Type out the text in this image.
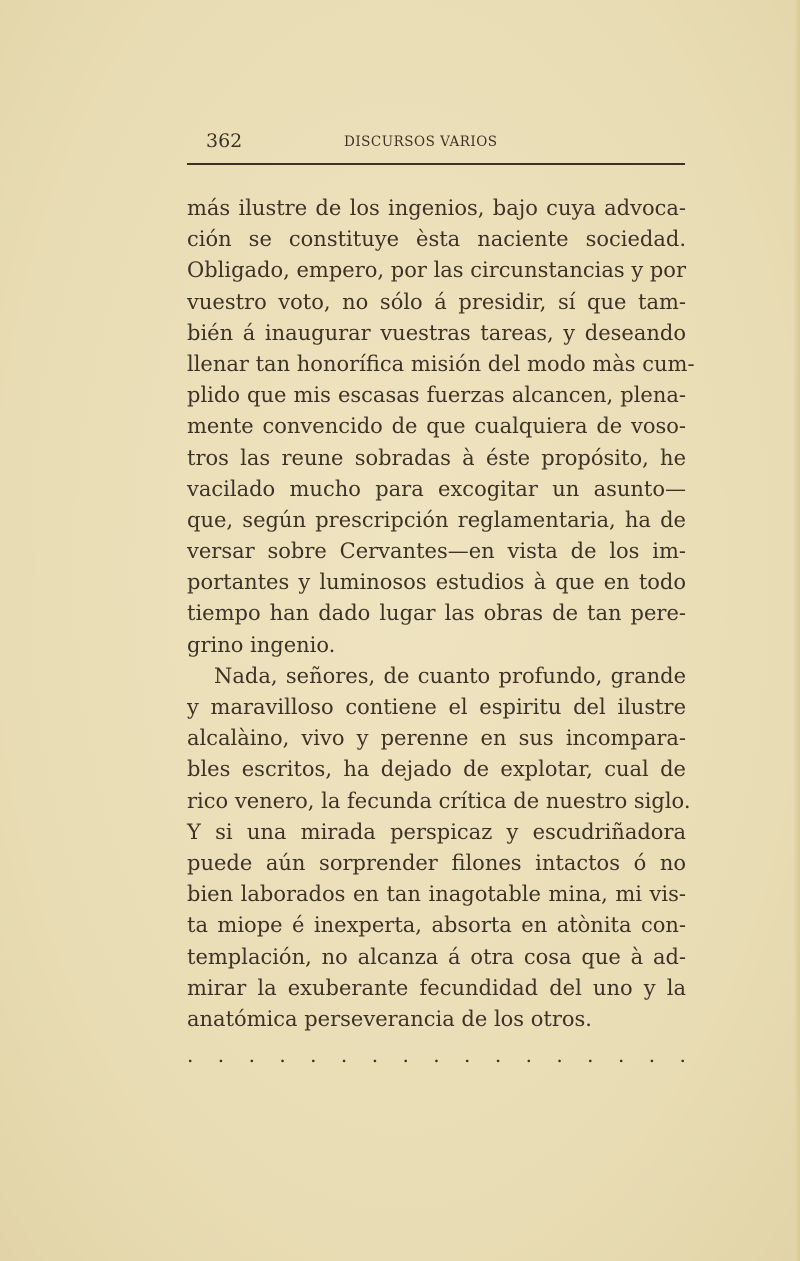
362	DISCURSOS VARIOS
más ilustre de los ingenios, bajo cuya advoca-
ción se constituye èsta naciente sociedad.
Obligado, empero, por las circunstancias y por
vuestro voto, no sólo á presidir, sí que tam-
bién á inaugurar vuestras tareas, y deseando
llenar tan honorífica misión del modo màs cum-
plido que mis escasas fuerzas alcancen, plena-
mente convencido de que cualquiera de voso-
tros las reune sobradas à éste propósito, he
vacilado mucho para excogitar un asunto—
que, según prescripción reglamentaria, ha de
versar sobre Cervantes—en vista de los im-
portantes y luminosos estudios à que en todo
tiempo han dado lugar las obras de tan pere-
grino ingenio.
Nada, señores, de cuanto profundo, grande
y maravilloso contiene el espiritu del ilustre
alcalàino, vivo y perenne en sus incompara-
bles escritos, ha dejado de explotar, cual de
rico venero, la fecunda crítica de nuestro siglo.
Y si una mirada perspicaz y escudriñadora
puede aún sorprender filones intactos ó no
bien laborados en tan inagotable mina, mi vis-
ta miope é inexperta, absorta en atònita con-
templación, no alcanza á otra cosa que à ad-
mirar la exuberante fecundidad del uno y la
anatómica perseverancia de los otros.
. . . . . . . . . . . . . . . . .
